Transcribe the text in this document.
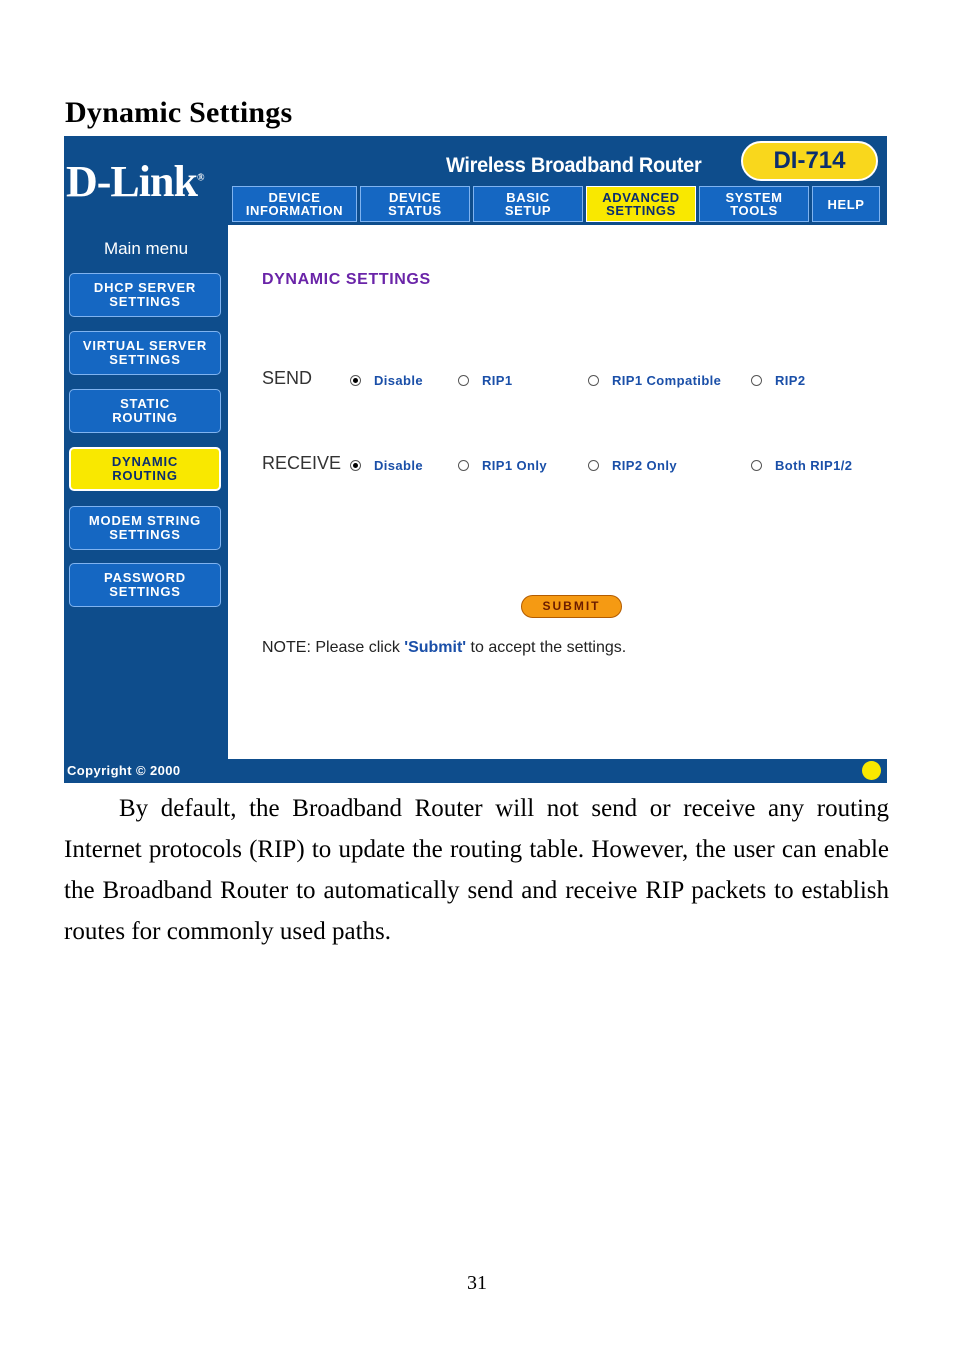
Dynamic Settings
D-Link®
Wireless Broadband Router	DI-714
DEVICE
INFORMATION
DEVICE
STATUS
BASIC
SETUP
ADVANCED
SETTINGS
SYSTEM
TOOLS	HELP
Main menu
DHCP SERVER
SETTINGS
VIRTUAL SERVER
SETTINGS
STATIC
ROUTING
DYNAMIC
ROUTING
MODEM STRING
SETTINGS
PASSWORD
SETTINGS
DYNAMIC SETTINGS
SEND	Disable	RIP1	RIP1 Compatible	RIP2
RECEIVE	Disable	RIP1 Only	RIP2 Only	Both RIP1/2
SUBMIT
NOTE: Please click 'Submit' to accept the settings.
Copyright © 2000
By default, the Broadband Router will not send or receive any routing Internet protocols (RIP) to update the routing table. However, the user can enable the Broadband Router to automatically send and receive RIP packets to establish routes for commonly used paths.
31
